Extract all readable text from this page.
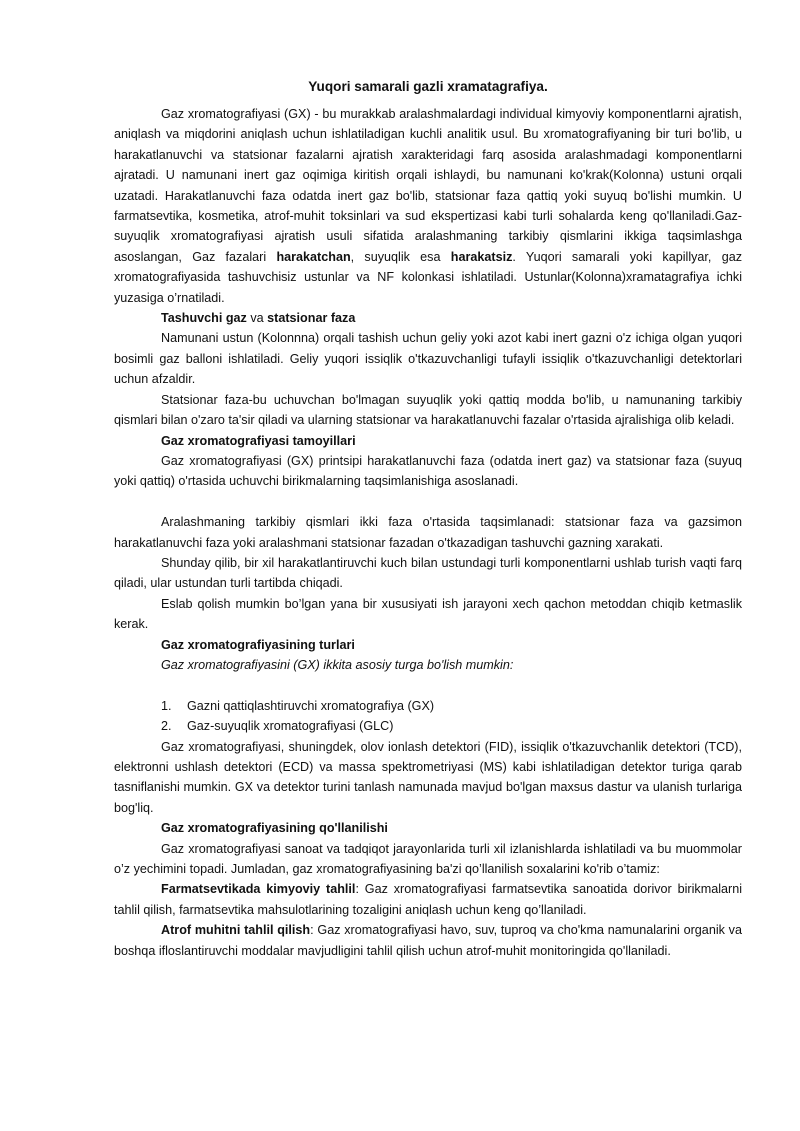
Yuqori samarali gazli xramatagrafiya.

Gaz xromatografiyasi (GX) - bu murakkab aralashmalardagi individual kimyoviy komponentlarni ajratish, aniqlash va miqdorini aniqlash uchun ishlatiladigan kuchli analitik usul. Bu xromatografiyaning bir turi bo'lib, u harakatlanuvchi va statsionar fazalarni ajratish xarakteridagi farq asosida aralashmadagi komponentlarni ajratadi. U namunani inert gaz oqimiga kiritish orqali ishlaydi, bu namunani ko'krak(Kolonna) ustuni orqali uzatadi. Harakatlanuvchi faza odatda inert gaz bo'lib, statsionar faza qattiq yoki suyuq bo'lishi mumkin. U farmatsevtika, kosmetika, atrof-muhit toksinlari va sud ekspertizasi kabi turli sohalarda keng qo'llaniladi.Gaz-suyuqlik xromatografiyasi ajratish usuli sifatida aralashmaning tarkibiy qismlarini ikkiga taqsimlashga asoslangan, Gaz fazalari harakatchan, suyuqlik esa harakatsiz. Yuqori samarali yoki kapillyar, gaz xromatografiyasida tashuvchisiz ustunlar va NF kolonkasi ishlatiladi. Ustunlar(Kolonna)xramatagrafiya ichki yuzasiga o’rnatiladi.

Tashuvchi gaz va statsionar faza

Namunani ustun (Kolonnna) orqali tashish uchun geliy yoki azot kabi inert gazni o'z ichiga olgan yuqori bosimli gaz balloni ishlatiladi. Geliy yuqori issiqlik o'tkazuvchanligi tufayli issiqlik o'tkazuvchanligi detektorlari uchun afzaldir.

Statsionar faza-bu uchuvchan bo'lmagan suyuqlik yoki qattiq modda bo'lib, u namunaning tarkibiy qismlari bilan o'zaro ta'sir qiladi va ularning statsionar va harakatlanuvchi fazalar o'rtasida ajralishiga olib keladi.

Gaz xromatografiyasi tamoyillari

Gaz xromatografiyasi (GX) printsipi harakatlanuvchi faza (odatda inert gaz) va statsionar faza (suyuq yoki qattiq) o'rtasida uchuvchi birikmalarning taqsimlanishiga asoslanadi.

Aralashmaning tarkibiy qismlari ikki faza o'rtasida taqsimlanadi: statsionar faza va gazsimon harakatlanuvchi faza yoki aralashmani statsionar fazadan o'tkazadigan tashuvchi gazning xarakati.

Shunday qilib, bir xil harakatlantiruvchi kuch bilan ustundagi turli komponentlarni ushlab turish vaqti farq qiladi, ular ustundan turli tartibda chiqadi.

Eslab qolish mumkin bo’lgan yana bir xususiyati ish jarayoni xech qachon metoddan chiqib ketmaslik kerak.

Gaz xromatografiyasining turlari

Gaz xromatografiyasini (GX) ikkita asosiy turga bo'lish mumkin:

1. Gazni qattiqlashtiruvchi xromatografiya (GX)
2. Gaz-suyuqlik xromatografiyasi (GLC)

Gaz xromatografiyasi, shuningdek, olov ionlash detektori (FID), issiqlik o'tkazuvchanlik detektori (TCD), elektronni ushlash detektori (ECD) va massa spektrometriyasi (MS) kabi ishlatiladigan detektor turiga qarab tasniflanishi mumkin. GX va detektor turini tanlash namunada mavjud bo'lgan maxsus dastur va ulanish turlariga bog'liq.

Gaz xromatografiyasining qo'llanilishi

Gaz xromatografiyasi sanoat va tadqiqot jarayonlarida turli xil izlanishlarda ishlatiladi va bu muommolar o’z yechimini topadi. Jumladan, gaz xromatografiyasining ba'zi qo’llanilish soxalarini ko'rib o’tamiz:

Farmatsevtikada kimyoviy tahlil: Gaz xromatografiyasi farmatsevtika sanoatida dorivor birikmalarni tahlil qilish, farmatsevtika mahsulotlarining tozaligini aniqlash uchun keng qo’llaniladi.

Atrof muhitni tahlil qilish: Gaz xromatografiyasi havo, suv, tuproq va cho'kma namunalarini organik va boshqa ifloslantiruvchi moddalar mavjudligini tahlil qilish uchun atrof-muhit monitoringida qo'llaniladi.
